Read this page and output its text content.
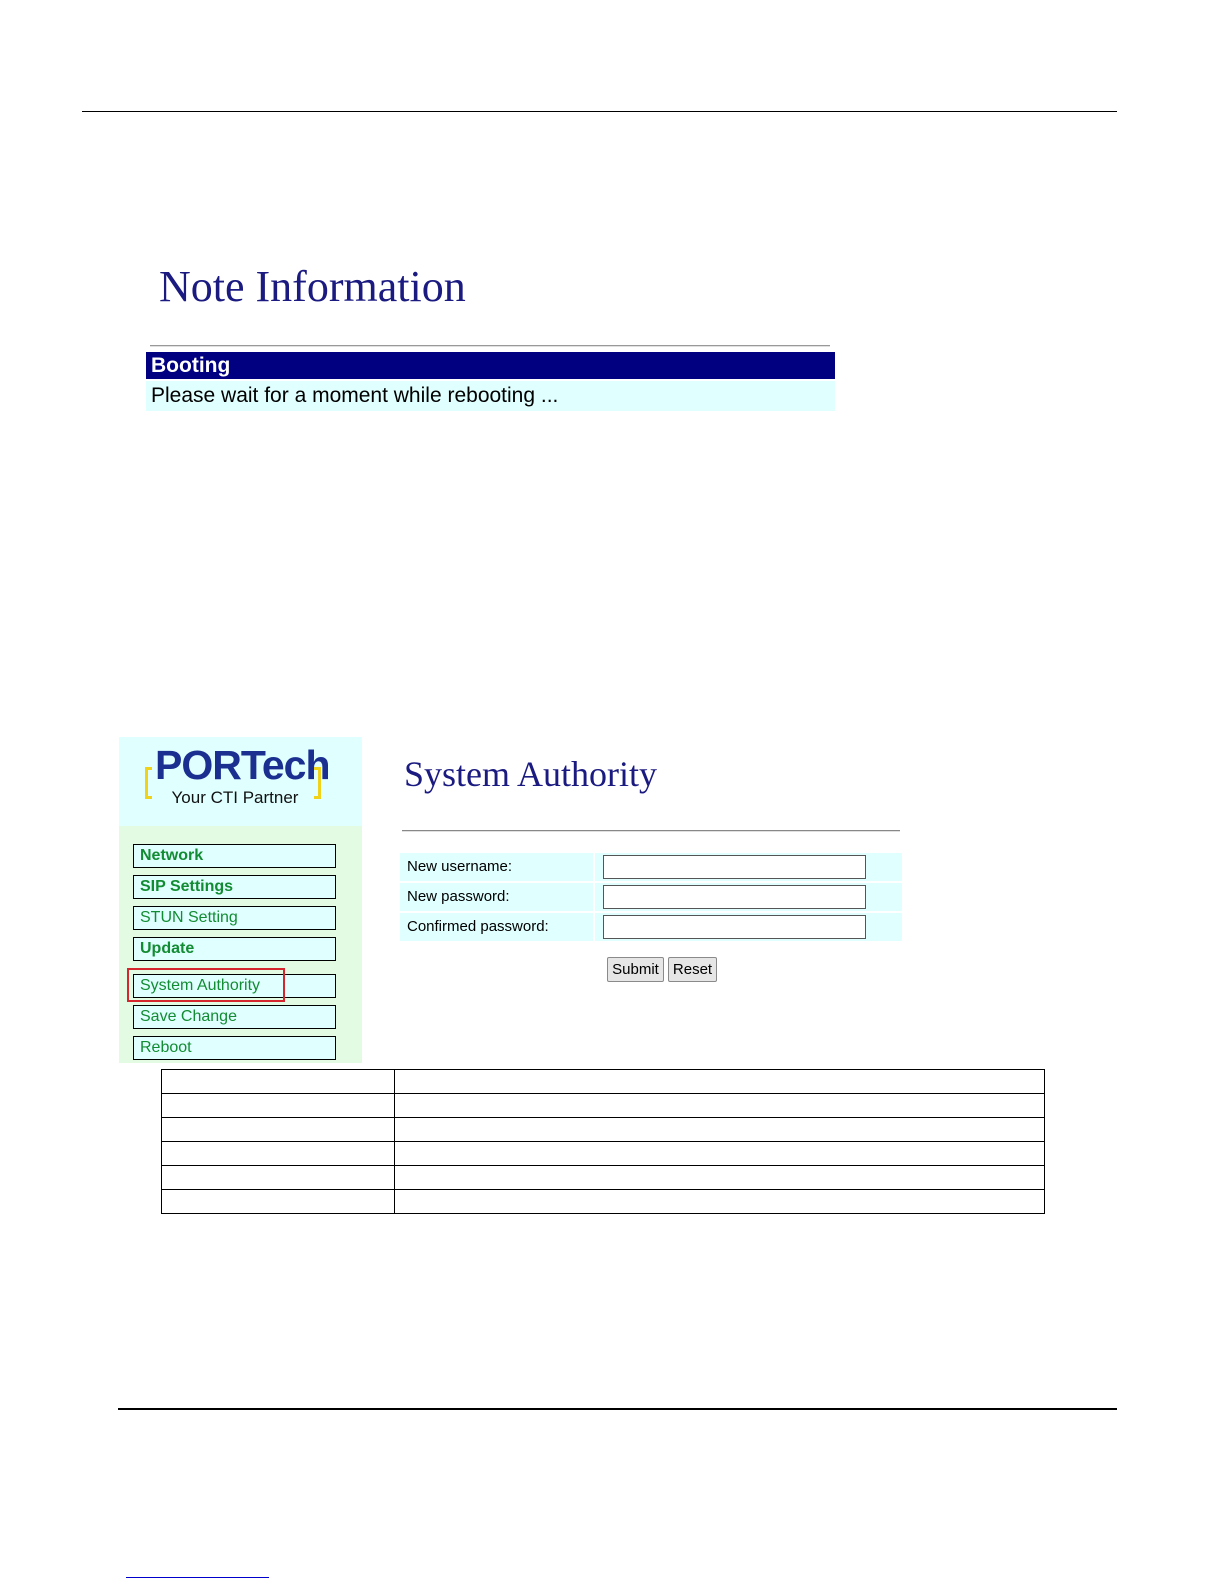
Note Information
Booting
Please wait for a moment while rebooting ...
PORTech
Your CTI Partner
Network
SIP Settings
STUN Setting
Update
System Authority
Save Change
Reboot
System Authority
New username:
New password:
Confirmed password:
Submit Reset
